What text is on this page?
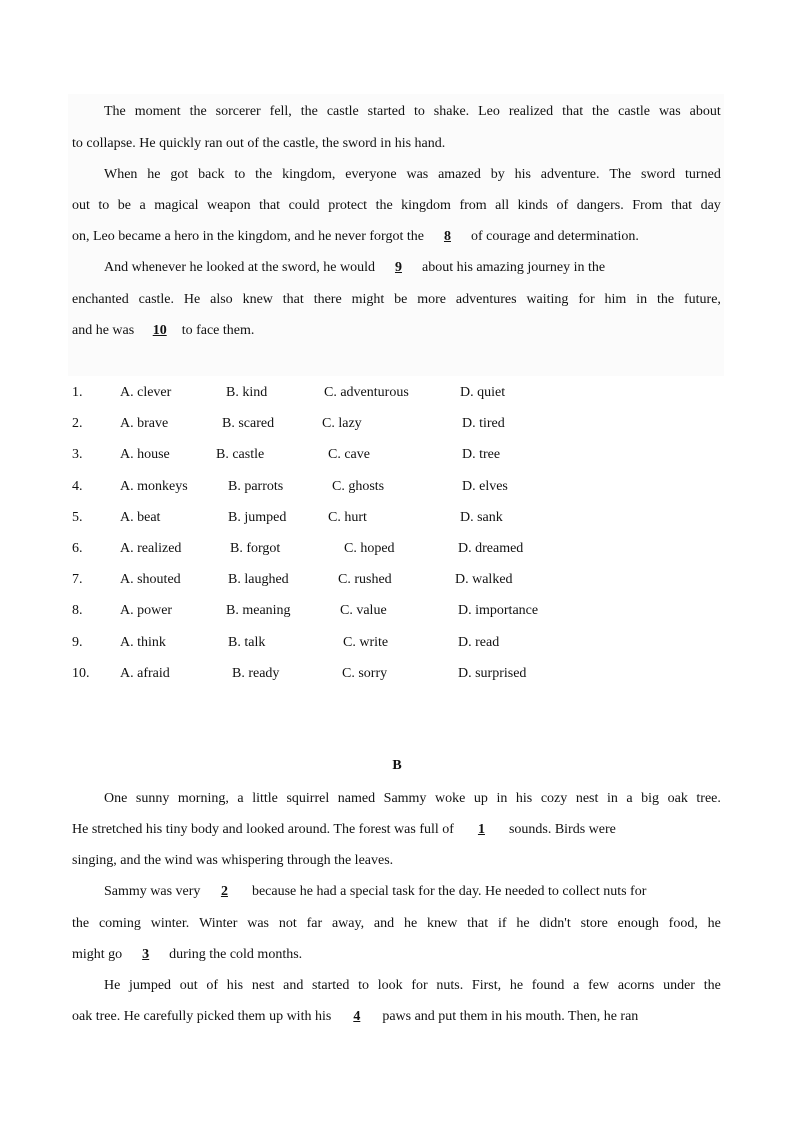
The moment the sorcerer fell, the castle started to shake. Leo realized that the castle was about
to collapse. He quickly ran out of the castle, the sword in his hand.
When he got back to the kingdom, everyone was amazed by his adventure. The sword turned
out to be a magical weapon that could protect the kingdom from all kinds of dangers. From that day
on, Leo became a hero in the kingdom, and he never forgot the 8 of courage and determination.
And whenever he looked at the sword, he would 9 about his amazing journey in the
enchanted castle. He also knew that there might be more adventures waiting for him in the future,
and he was 10 to face them.
1.	A. clever	B. kind	C. adventurous	D. quiet
2.	A. brave	B. scared	C. lazy	D. tired
3.	A. house	B. castle	C. cave	D. tree
4.	A. monkeys	B. parrots	C. ghosts	D. elves
5.	A. beat	B. jumped	C. hurt	D. sank
6.	A. realized	B. forgot	C. hoped	D. dreamed
7.	A. shouted	B. laughed	C. rushed	D. walked
8.	A. power	B. meaning	C. value	D. importance
9.	A. think	B. talk	C. write	D. read
10. A. afraid	B. ready	C. sorry	D. surprised
B
One sunny morning, a little squirrel named Sammy woke up in his cozy nest in a big oak tree.
He stretched his tiny body and looked around. The forest was full of 1 sounds. Birds were
singing, and the wind was whispering through the leaves.
Sammy was very 2 because he had a special task for the day. He needed to collect nuts for
the coming winter. Winter was not far away, and he knew that if he didn't store enough food, he
might go 3 during the cold months.
He jumped out of his nest and started to look for nuts. First, he found a few acorns under the
oak tree. He carefully picked them up with his 4 paws and put them in his mouth. Then, he ran
